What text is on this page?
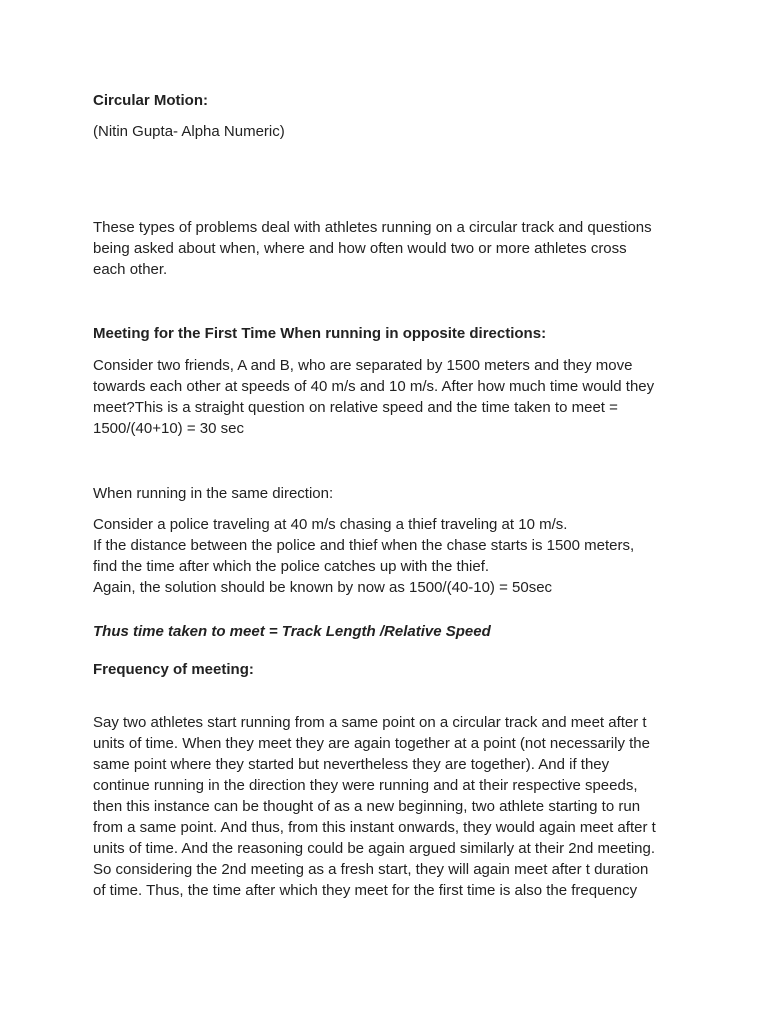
Circular Motion:

(Nitin Gupta- Alpha Numeric)

These types of problems deal with athletes running on a circular track and questions
being asked about when, where and how often would two or more athletes cross
each other.

Meeting for the First Time When running in opposite directions:

Consider two friends, A and B, who are separated by 1500 meters and they move
towards each other at speeds of 40 m/s and 10 m/s. After how much time would they
meet?This is a straight question on relative speed and the time taken to meet =
1500/(40+10) = 30 sec

When running in the same direction:

Consider a police traveling at 40 m/s chasing a thief traveling at 10 m/s.
If the distance between the police and thief when the chase starts is 1500 meters,
find the time after which the police catches up with the thief.
Again, the solution should be known by now as 1500/(40-10) = 50sec

Thus time taken to meet = Track Length /Relative Speed

Frequency of meeting:

Say two athletes start running from a same point on a circular track and meet after t
units of time. When they meet they are again together at a point (not necessarily the
same point where they started but nevertheless they are together). And if they
continue running in the direction they were running and at their respective speeds,
then this instance can be thought of as a new beginning, two athlete starting to run
from a same point. And thus, from this instant onwards, they would again meet after t
units of time. And the reasoning could be again argued similarly at their 2nd meeting.
So considering the 2nd meeting as a fresh start, they will again meet after t duration
of time. Thus, the time after which they meet for the first time is also the frequency
